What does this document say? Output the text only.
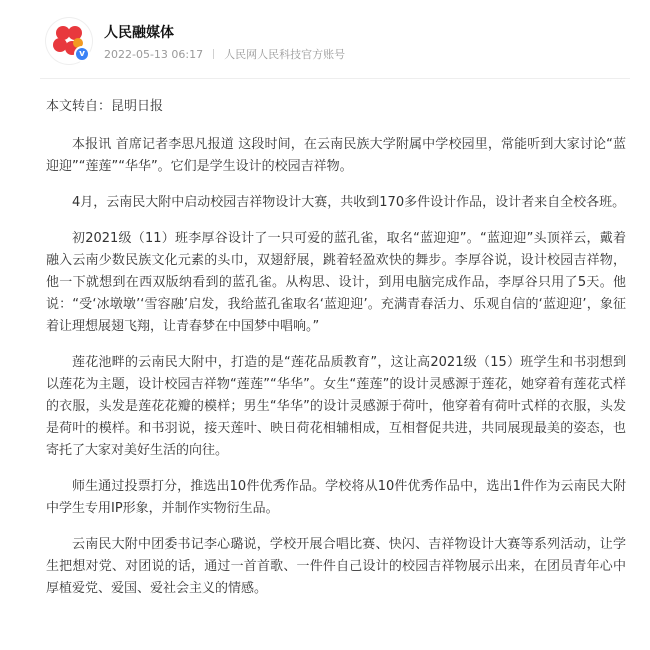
v
人民融媒体
2022-05-13 06:17 人民网人民科技官方账号
本文转自：昆明日报

本报讯 首席记者李思凡报道 这段时间，在云南民族大学附属中学校园里，常能听到大家讨论“蓝迎迎”“莲莲”“华华”。它们是学生设计的校园吉祥物。

4月，云南民大附中启动校园吉祥物设计大赛，共收到170多件设计作品，设计者来自全校各班。

初2021级（11）班李厚谷设计了一只可爱的蓝孔雀，取名“蓝迎迎”。“蓝迎迎”头顶祥云，戴着融入云南少数民族文化元素的头巾，双翅舒展，跳着轻盈欢快的舞步。李厚谷说，设计校园吉祥物，他一下就想到在西双版纳看到的蓝孔雀。从构思、设计，到用电脑完成作品，李厚谷只用了5天。他说：“受‘冰墩墩’‘雪容融’启发，我给蓝孔雀取名‘蓝迎迎’。充满青春活力、乐观自信的‘蓝迎迎’，象征着让理想展翅飞翔，让青春梦在中国梦中唱响。”

莲花池畔的云南民大附中，打造的是“莲花品质教育”，这让高2021级（15）班学生和书羽想到以莲花为主题，设计校园吉祥物“莲莲”“华华”。女生“莲莲”的设计灵感源于莲花，她穿着有莲花式样的衣服，头发是莲花花瓣的模样；男生“华华”的设计灵感源于荷叶，他穿着有荷叶式样的衣服，头发是荷叶的模样。和书羽说，接天莲叶、映日荷花相辅相成，互相督促共进，共同展现最美的姿态，也寄托了大家对美好生活的向往。

师生通过投票打分，推选出10件优秀作品。学校将从10件优秀作品中，选出1件作为云南民大附中学生专用IP形象，并制作实物衍生品。

云南民大附中团委书记李心璐说，学校开展合唱比赛、快闪、吉祥物设计大赛等系列活动，让学生把想对党、对团说的话，通过一首首歌、一件件自己设计的校园吉祥物展示出来，在团员青年心中厚植爱党、爱国、爱社会主义的情感。
